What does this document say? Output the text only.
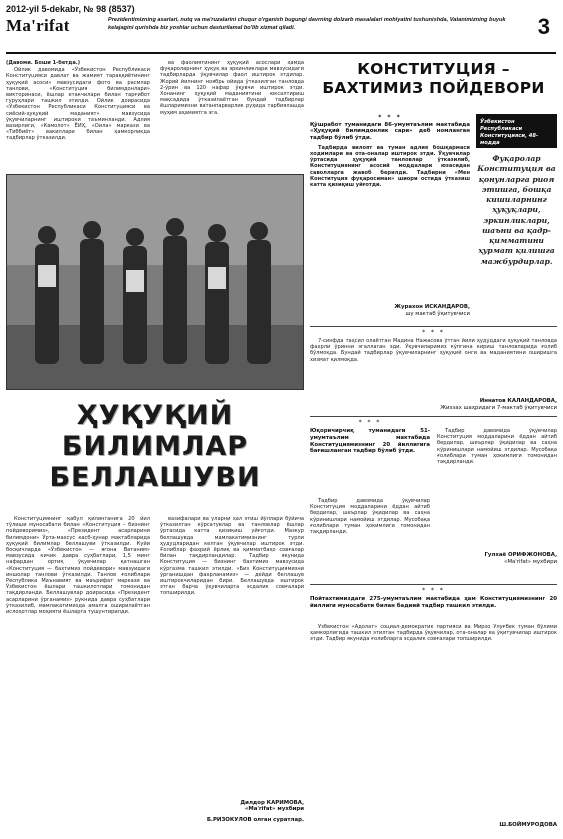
2012-yil 5-dekabr, № 98 (8537)
Ma'rifat	Prezidentimizning asarlari, nutq va ma'ruzalarini chuqur o'rganish bugungi davrning dolzarb masalalari mohiyatini tushunishda, Vatanimizning buyuk kelajagini qurishda biz yoshlar uchun dasturilamal bo'lib xizmat qiladi.	3

(Давоми. Боши 1-бетда.)

Ойлик давомида «Ўзбекистон Республикаси Конституцияси давлат ва жамият тараққиётининг ҳуқуқий асоси» мавзусидаги фото ва расмлар танлови, «Конституция билимдонлари» викторинаси, ёшлар етакчилари билан тарғибот гуруҳлари ташкил этилди. Ойлик доирасида «Ўзбекистон Республикаси Конституцияси ва сиёсий-ҳуқуқий маданият» мавзусида ўқувчиларнинг иштироки таъминланди. Адлия вазирлиги, «Камолот» ЁИҲ, «Оила» маркази ва «Тиббиёт» вакиллари билан ҳамкорликда тадбирлар ўтказилди.

ва фаолиятининг ҳуқуқий асослари ҳамда фуқароларнинг ҳуқуқ ва эркинликлари мавзусидаги тадбирларда ўқувчилар фаол иштирок этдилар. Жорий йилнинг ноябрь ойида ўтказилган танловда 2-ўрин ва 120 нафар ўқувчи иштирок этди. Хонанинг ҳуқуқий маданиятини юксалтириш мақсадида ўтказилаётган бундай тадбирлар ёшларимизни ватанпарварлик руҳида тарбиялашда муҳим аҳамиятга эга.

ҲУҚУҚИЙ
БИЛИМЛАР
БЕЛЛАШУВИ

Конституциянинг қабул қилинганига 20 йил тўлиши муносабати билан «Конституция – бизнинг пойдеворимиз», «Президент асарларини билимдони» Ўрта-махсус касб-ҳунар мактабларида ҳуқуқий билимлар беллашуви ўтказилди. Куйи босқичларда «Ўзбекистон — ягона Ватаним» мавзусида кичик давра суҳбатлари, 1,5 минг нафардан ортиқ ўқувчилар қатнашган «Конституция — бахтимиз пойдевори» мавзуидаги иншолар танлови ўтказилди. Танлов ғолиблари Республика Маънавият ва маърифат маркази ва Ўзбекистон ёшлари ташкилотлари томонидан тақдирланди. Беллашувлар доирасида «Президент асарларини ўрганамиз» рукнида давра суҳбатлари ўтказилиб, мамлакатимизда амалга оширилаётган ислоҳотлар моҳияти ёшларга тушунтирилди.

вазифалари ва уларни ҳал этиш йўллари бўйича ўтказилган кўрсатувлар ва танловлар ёшлар ўртасида катта қизиқиш уйғотди. Мазкур беллашувда мамлакатимизнинг турли ҳудудларидан келган ўқувчилар иштирок этди. Ғолиблар фахрий ёрлиқ ва қимматбаҳо совғалар билан тақдирландилар. Тадбир якунида Конституция — бизнинг бахтимиз мавзусида кўргазма ташкил этилди. «Биз Конституциямизни ўрганишдан фахрланамиз» — дейди беллашув иштирокчиларидан бири. Беллашувда иштирок этган барча ўқувчиларга эсдалик совғалари топширилди.

Дилдор КАРИМОВА,
«Ма'rifat» мухбири
Б.РИЗОКУЛОВ олган суратлар.
КОНСТИТУЦИЯ –
БАХТИМИЗ ПОЙДЕВОРИ
* * *
Қўшработ туманидаги 86-умумтаълим мактабида «Ҳуқуқий билимдонлик сари» деб номланган тадбир бўлиб ўтди.

Тадбирда вилоят ва туман адлия бошқармаси ходимлари ва ота-оналар иштирок этди. Ўқувчилар ўртасида ҳуқуқий танловлар ўтказилиб, Конституциянинг асосий моддалари юзасидан саволларга жавоб берилди. Тадбирни «Мен Конституция фуқаросиман» шиори остида ўтказиш катта қизиқиш уйғотди.

Ўзбекистон Республикаси Конституцияси, 48-модда
Фуқаролар Конституция ва қонунларга риоя этишга, бошқа кишиларнинг ҳуқуқлари, эркинликлари, шаъни ва қадр-қимматини ҳурмат қилишга мажбурдирлар.
Журахон ИСКАНДАРОВ,
шу мактаб ўқитувчиси
* * *

7-синфда таҳсил олаётган Мадина Нажасова ўтган йили ҳудуддаги ҳуқуқий танловда фахрли ўринни эгаллаган эди. Ўқувчиларимиз кўпгина кириш танловларида ғолиб бўлмоқда. Бундай тадбирлар ўқувчиларнинг ҳуқуқий онги ва маданиятини оширишга хизмат қилмоқда.

Иннатов КАЛАНДАРОВА,
Жиззах шаҳридаги 7-мактаб ўқитувчиси
* * *
Юқоричирчиқ туманидаги 51-умумтаълим мактабида Конституциямизнинг 20 йиллигига бағишланган тадбир бўлиб ўтди.

Тадбир давомида ўқувчилар Конституция моддаларини ёддан айтиб бердилар, шеърлар ўқидилар ва саҳна кўринишлари намойиш этдилар. Мусобақа ғолиблари туман ҳокимлиги томонидан тақдирланди.

Тадбир давомида ўқувчилар Конституция моддаларини ёддан айтиб бердилар, шеърлар ўқидилар ва саҳна кўринишлари намойиш этдилар. Мусобақа ғолиблари туман ҳокимлиги томонидан тақдирланди.

Гулхаё ОРИФЖОНОВА,
«Ma'rifat» мухбири
* * *
Пойтахтимиздаги 275-умумтаълим мактабида ҳам Конституциямизнинг 20 йиллиги муносабати билан бадиий тадбир ташкил этилди.

Ўзбекистон «Адолат» социал-демократик партияси ва Мирзо Улуғбек туман бўлими ҳамкорлигида ташкил этилган тадбирда ўқувчилар, ота-оналар ва ўқитувчилар иштирок этди. Тадбир якунида ғолибларга эсдалик совғалари топширилди.

Ш.БОЙМУРОДОВА
